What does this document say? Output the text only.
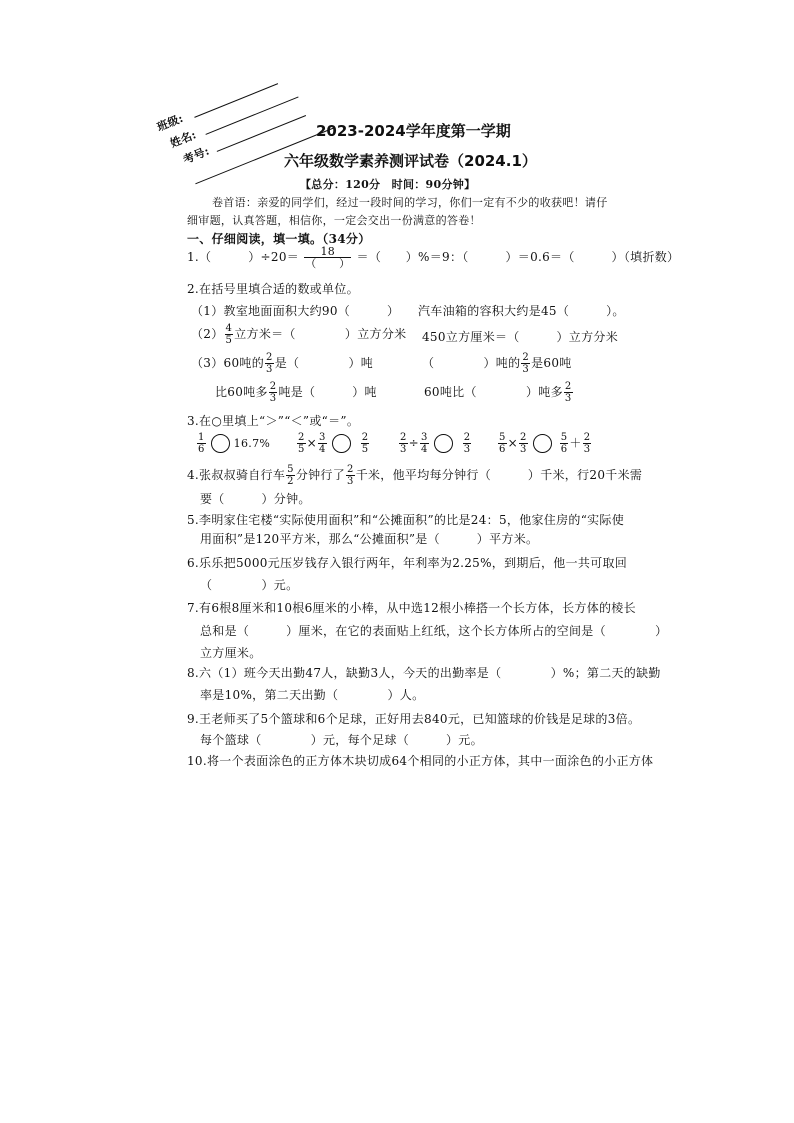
班级:
姓名:
考号:
2023-2024学年度第一学期
六年级数学素养测评试卷（2024.1）
【总分：120分　时间：90分钟】
卷首语：亲爱的同学们，经过一段时间的学习，你们一定有不少的收获吧！请仔
细审题，认真答题，相信你，一定会交出一份满意的答卷！
一、仔细阅读，填一填。（34分）
1.（　　　）$\div 20= \frac{18}{( )}$ ＝（　　）%＝9：（　　　）＝0.6＝（　　　）（填折数）
2.在括号里填合适的数或单位。
（1）教室地面面积大约90（　　　） 汽车油箱的容积大约是45（　　　）。
$(2) \frac{4}{5}$ 立方米＝（　　　　）立方分米 450立方厘米＝（　　　）立方分米
（3）60吨的 $\frac{2}{3}$ 是（　　　　）吨	（　　　　）吨的 $\frac{2}{3}$ 是60吨
比60吨多 $\frac{2}{3}$ 吨是（　　　）吨	60吨比（　　　　）吨多 $\frac{2}{3}$
3.在○里填上“＞”“＜”或“＝”。
$\frac{1}{6}$	16.7%	$\frac{2}{5} \times \frac{3}{4}$	$\frac{2}{5}$	$\frac{2}{3} \div \frac{3}{4}$	$\frac{2}{3}$	$\frac{5}{6} \times \frac{2}{3}$	$\frac{5}{6} + \frac{2}{3}$
4.张叔叔骑自行车 $\frac{5}{2}$ 分钟行了 $\frac{2}{3}$ 千米，他平均每分钟行（　　　）千米，行20千米需
要（　　　）分钟。
5.李明家住宅楼“实际使用面积”和“公摊面积”的比是24：5，他家住房的“实际使
用面积”是120平方米，那么“公摊面积”是（　　　）平方米。
6.乐乐把5000元压岁钱存入银行两年，年利率为2.25%，到期后，他一共可取回
（　　　　）元。
7.有6根8厘米和10根6厘米的小棒，从中选12根小棒搭一个长方体，长方体的棱长
总和是（　　　）厘米，在它的表面贴上红纸，这个长方体所占的空间是（　　　　）
立方厘米。
8.六（1）班今天出勤47人，缺勤3人，今天的出勤率是（　　　　）%；第二天的缺勤
率是10%，第二天出勤（　　　　）人。
9.王老师买了5个篮球和6个足球，正好用去840元，已知篮球的价钱是足球的3倍。
每个篮球（　　　　）元，每个足球（　　　）元。
10.将一个表面涂色的正方体木块切成64个相同的小正方体，其中一面涂色的小正方体
